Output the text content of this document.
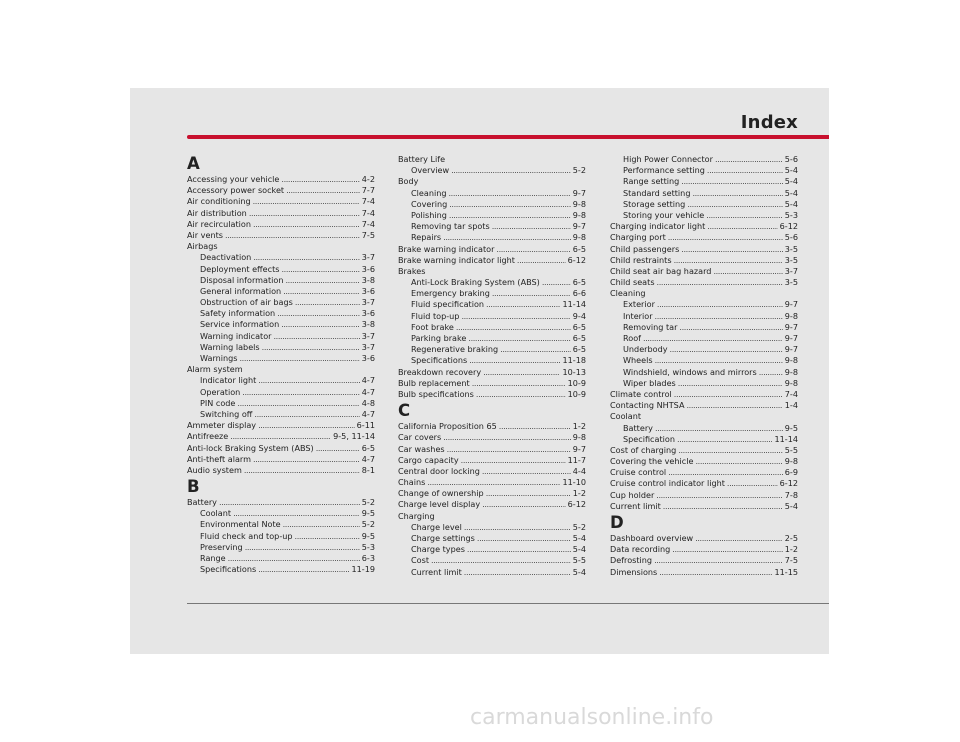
Index
A
Accessing your vehicle .....	4-2
Accessory power socket .....	7-7
Air conditioning .....	7-4
Air distribution .....	7-4
Air recirculation .....	7-4
Air vents .....	7-5
Airbags
Deactivation .....	3-7
Deployment effects .....	3-6
Disposal information .....	3-8
General information .....	3-6
Obstruction of air bags .....	3-7
Safety information .....	3-6
Service information .....	3-8
Warning indicator .....	3-7
Warning labels .....	3-7
Warnings .....	3-6
Alarm system
Indicator light .....	4-7
Operation .....	4-7
PIN code .....	4-8
Switching off .....	4-7
Ammeter display .....	6-11
Antifreeze .....	9-5, 11-14
Anti-lock Braking System (ABS) .....	6-5
Anti-theft alarm .....	4-7
Audio system .....	8-1
B
Battery .....	5-2
Coolant .....	9-5
Environmental Note .....	5-2
Fluid check and top-up .....	9-5
Preserving .....	5-3
Range .....	6-3
Specifications .....	11-19
Battery Life
Overview .....	5-2
Body
Cleaning .....	9-7
Covering .....	9-8
Polishing .....	9-8
Removing tar spots .....	9-7
Repairs .....	9-8
Brake warning indicator .....	6-5
Brake warning indicator light .....	6-12
Brakes
Anti-Lock Braking System (ABS) .....	6-5
Emergency braking .....	6-6
Fluid specification .....	11-14
Fluid top-up .....	9-4
Foot brake .....	6-5
Parking brake .....	6-5
Regenerative braking .....	6-5
Specifications .....	11-18
Breakdown recovery .....	10-13
Bulb replacement .....	10-9
Bulb specifications .....	10-9
C
California Proposition 65 .....	1-2
Car covers .....	9-8
Car washes .....	9-7
Cargo capacity .....	11-7
Central door locking .....	4-4
Chains .....	11-10
Change of ownership .....	1-2
Charge level display .....	6-12
Charging
Charge level .....	5-2
Charge settings .....	5-4
Charge types .....	5-4
Cost .....	5-5
Current limit .....	5-4
High Power Connector .....	5-6
Performance setting .....	5-4
Range setting .....	5-4
Standard setting .....	5-4
Storage setting .....	5-4
Storing your vehicle .....	5-3
Charging indicator light .....	6-12
Charging port .....	5-6
Child passengers .....	3-5
Child restraints .....	3-5
Child seat air bag hazard .....	3-7
Child seats .....	3-5
Cleaning
Exterior .....	9-7
Interior .....	9-8
Removing tar .....	9-7
Roof .....	9-7
Underbody .....	9-7
Wheels .....	9-8
Windshield, windows and mirrors .....	9-8
Wiper blades .....	9-8
Climate control .....	7-4
Contacting NHTSA .....	1-4
Coolant
Battery .....	9-5
Specification .....	11-14
Cost of charging .....	5-5
Covering the vehicle .....	9-8
Cruise control .....	6-9
Cruise control indicator light .....	6-12
Cup holder .....	7-8
Current limit .....	5-4
D
Dashboard overview .....	2-5
Data recording .....	1-2
Defrosting .....	7-5
Dimensions .....	11-15
carmanualsonline.info
